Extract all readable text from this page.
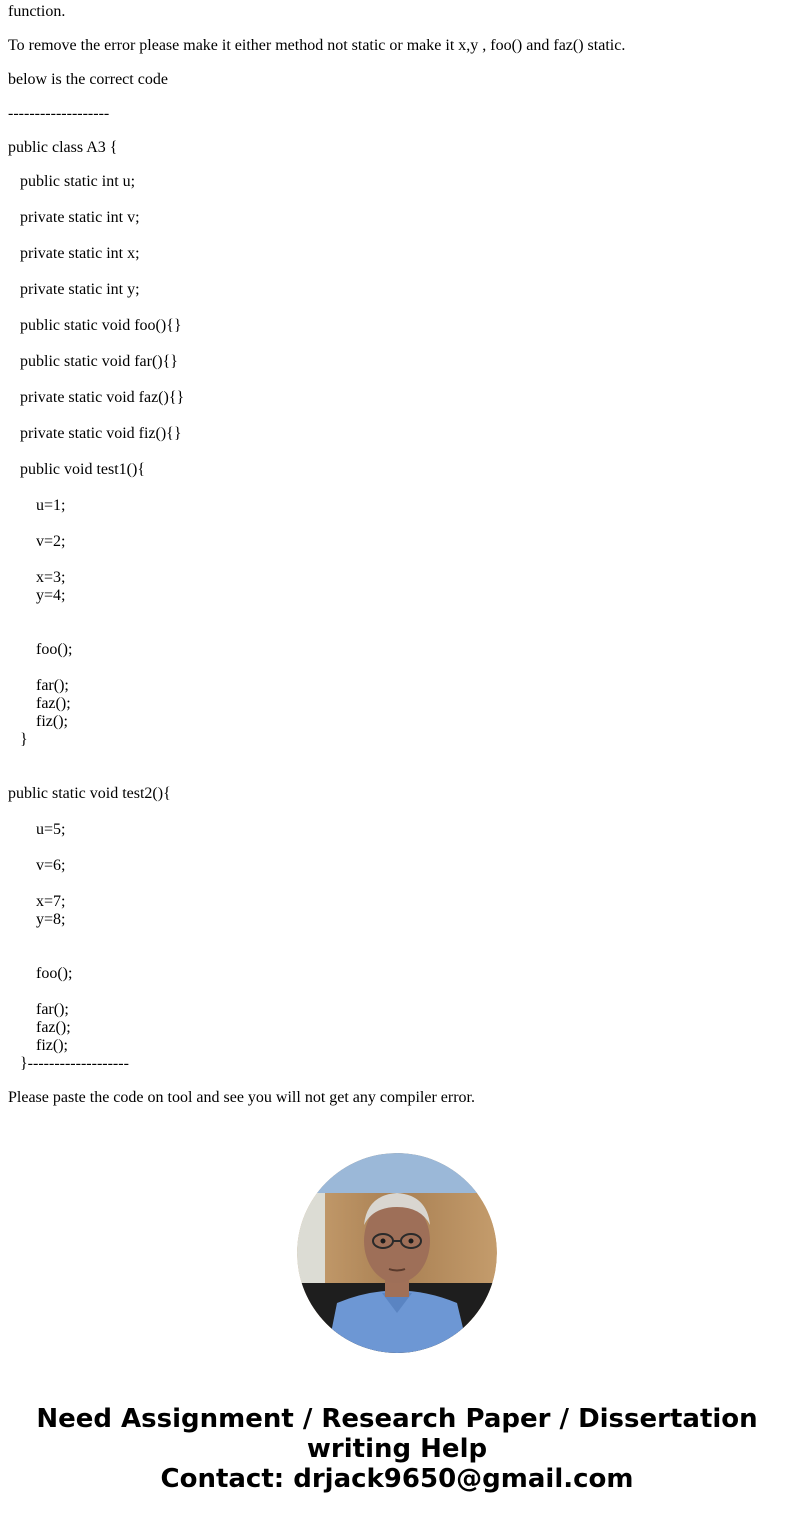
function.
To remove the error please make it either method not static or make it x,y , foo() and faz() static.
below is the correct code
-------------------
public class A3 {
public static int u;
private static int v;
private static int x;
private static int y;
public static void foo(){}
public static void far(){}
private static void faz(){}
private static void fiz(){}
public void test1(){
u=1;
v=2;
x=3;
y=4;
foo();
far();
faz();
fiz();
}
public static void test2(){
u=5;
v=6;
x=7;
y=8;
foo();
far();
faz();
fiz();
}-------------------
Please paste the code on tool and see you will not get any compiler error.
Need Assignment / Research Paper / Dissertation
writing Help
Contact: drjack9650@gmail.com
